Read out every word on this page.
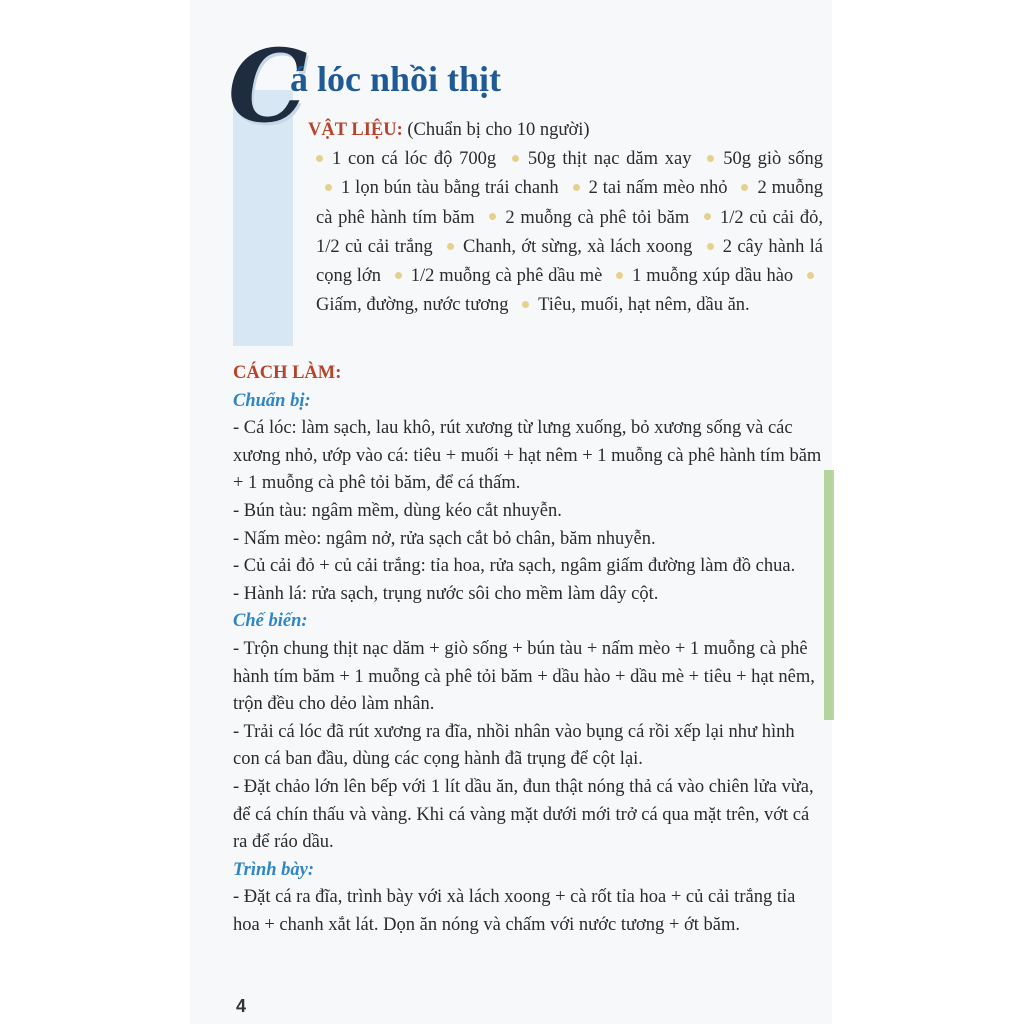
C
á lóc nhồi thịt
VẬT LIỆU: (Chuẩn bị cho 10 người)
1 con cá lóc độ 700g 50g thịt nạc dăm xay 50g giò sống 1 lọn bún tàu bằng trái chanh 2 tai nấm mèo nhỏ 2 muỗng cà phê hành tím băm 2 muỗng cà phê tỏi băm 1/2 củ cải đỏ, 1/2 củ cải trắng Chanh, ớt sừng, xà lách xoong 2 cây hành lá cọng lớn 1/2 muỗng cà phê dầu mè 1 muỗng xúp dầu hào Giấm, đường, nước tương Tiêu, muối, hạt nêm, dầu ăn.

CÁCH LÀM:

Chuẩn bị:

- Cá lóc: làm sạch, lau khô, rút xương từ lưng xuống, bỏ xương sống và các xương nhỏ, ướp vào cá: tiêu + muối + hạt nêm + 1 muỗng cà phê hành tím băm + 1 muỗng cà phê tỏi băm, để cá thấm.

- Bún tàu: ngâm mềm, dùng kéo cắt nhuyễn.

- Nấm mèo: ngâm nở, rửa sạch cắt bỏ chân, băm nhuyễn.

- Củ cải đỏ + củ cải trắng: tỉa hoa, rửa sạch, ngâm giấm đường làm đồ chua.

- Hành lá: rửa sạch, trụng nước sôi cho mềm làm dây cột.

Chế biến:

- Trộn chung thịt nạc dăm + giò sống + bún tàu + nấm mèo + 1 muỗng cà phê hành tím băm + 1 muỗng cà phê tỏi băm + dầu hào + dầu mè + tiêu + hạt nêm, trộn đều cho dẻo làm nhân.

- Trải cá lóc đã rút xương ra đĩa, nhồi nhân vào bụng cá rồi xếp lại như hình con cá ban đầu, dùng các cọng hành đã trụng để cột lại.

- Đặt chảo lớn lên bếp với 1 lít dầu ăn, đun thật nóng thả cá vào chiên lửa vừa, để cá chín thấu và vàng. Khi cá vàng mặt dưới mới trở cá qua mặt trên, vớt cá ra để ráo dầu.

Trình bày:

- Đặt cá ra đĩa, trình bày với xà lách xoong + cà rốt tỉa hoa + củ cải trắng tỉa hoa + chanh xắt lát. Dọn ăn nóng và chấm với nước tương + ớt băm.

4
